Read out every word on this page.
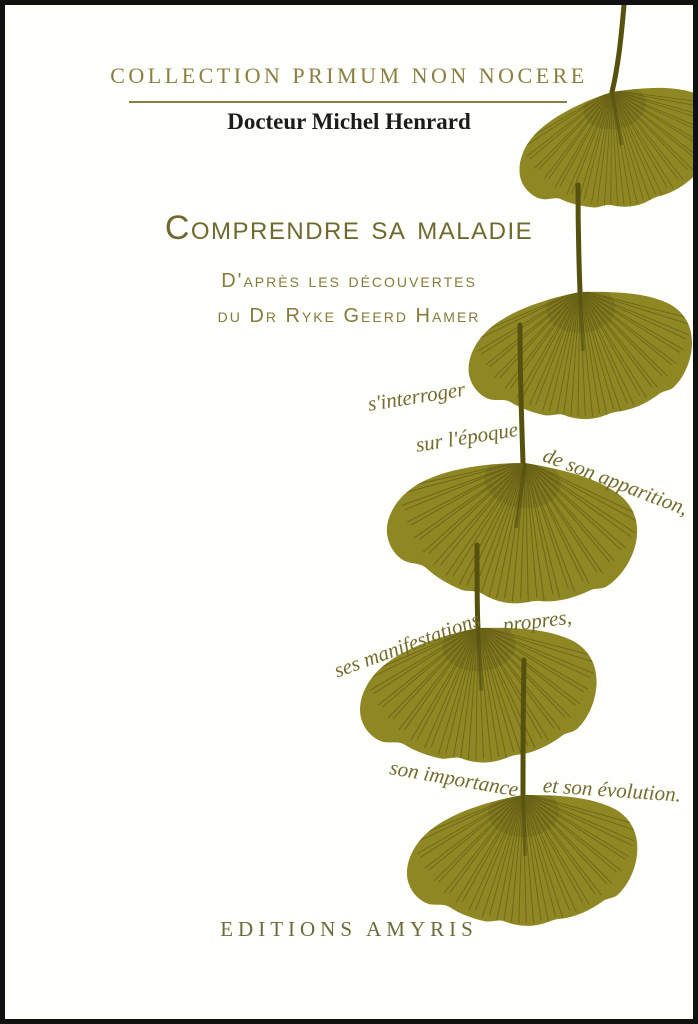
COLLECTION PRIMUM NON NOCERE
Docteur Michel Henrard
Comprendre sa maladie
D'après les découvertes
du Dr Ryke Geerd Hamer
s'interroger
sur l'époque
de son apparition,
ses manifestations propres,
son importance et son évolution.
EDITIONS AMYRIS
